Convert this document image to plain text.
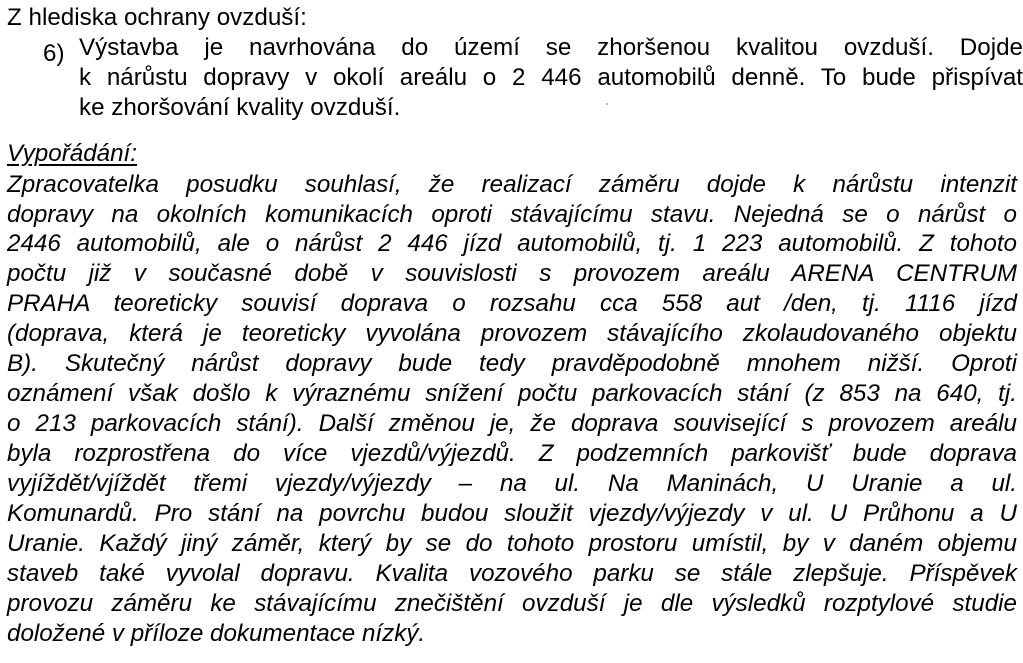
Z hlediska ochrany ovzduší:

6) Výstavba je navrhována do území se zhoršenou kvalitou ovzduší. Dojde

k nárůstu dopravy v okolí areálu o 2 446 automobilů denně. To bude přispívat

ke zhoršování kvality ovzduší.

Vypořádání:

Zpracovatelka posudku souhlasí, že realizací záměru dojde k nárůstu intenzit

dopravy na okolních komunikacích oproti stávajícímu stavu. Nejedná se o nárůst o

2446 automobilů, ale o nárůst 2 446 jízd automobilů, tj. 1 223 automobilů. Z tohoto

počtu již v současné době v souvislosti s provozem areálu ARENA CENTRUM

PRAHA teoreticky souvisí doprava o rozsahu cca 558 aut /den, tj. 1116 jízd

(doprava, která je teoreticky vyvolána provozem stávajícího zkolaudovaného objektu

B). Skutečný nárůst dopravy bude tedy pravděpodobně mnohem nižší. Oproti

oznámení však došlo k výraznému snížení počtu parkovacích stání (z 853 na 640, tj.

o 213 parkovacích stání). Další změnou je, že doprava související s provozem areálu

byla rozprostřena do více vjezdů/výjezdů. Z podzemních parkovišť bude doprava

vyjíždět/vjíždět třemi vjezdy/výjezdy – na ul. Na Maninách, U Uranie a ul.

Komunardů. Pro stání na povrchu budou sloužit vjezdy/výjezdy v ul. U Průhonu a U

Uranie. Každý jiný záměr, který by se do tohoto prostoru umístil, by v daném objemu

staveb také vyvolal dopravu. Kvalita vozového parku se stále zlepšuje. Příspěvek

provozu záměru ke stávajícímu znečištění ovzduší je dle výsledků rozptylové studie

doložené v příloze dokumentace nízký.
